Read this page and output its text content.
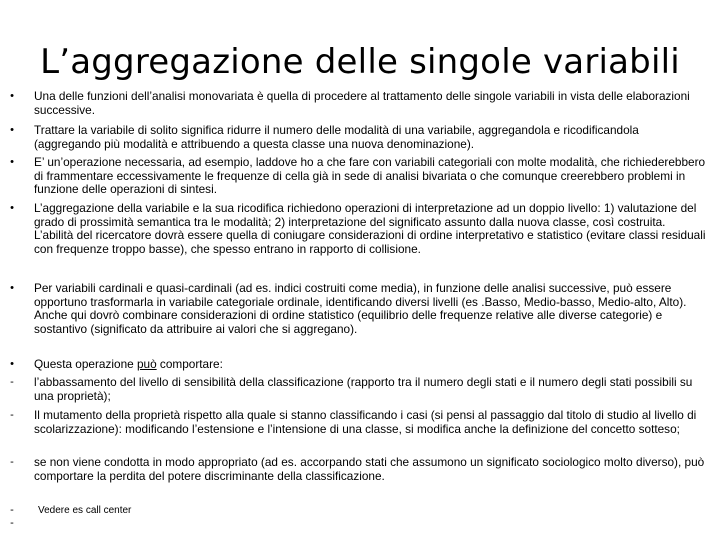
L’aggregazione delle singole variabili
•	Una delle funzioni dell’analisi monovariata è quella di procedere al trattamento delle singole variabili in vista delle elaborazioni successive.
•	Trattare la variabile di solito significa ridurre il numero delle modalità di una variabile, aggregandola e ricodificandola (aggregando più modalità e attribuendo a questa classe una nuova denominazione).
•	E’ un’operazione necessaria, ad esempio, laddove ho a che fare con variabili categoriali con molte modalità, che richiederebbero di frammentare eccessivamente le frequenze di cella già in sede di analisi bivariata o che comunque creerebbero problemi in funzione delle operazioni di sintesi.
•	L’aggregazione della variabile e la sua ricodifica richiedono operazioni di interpretazione ad un doppio livello: 1) valutazione del grado di prossimità semantica tra le modalità; 2) interpretazione del significato assunto dalla nuova classe, così costruita. L’abilità del ricercatore dovrà essere quella di coniugare considerazioni di ordine interpretativo e statistico (evitare classi residuali con frequenze troppo basse), che spesso entrano in rapporto di collisione.
•	Per variabili cardinali e quasi-cardinali (ad es. indici costruiti come media), in funzione delle analisi successive, può essere opportuno trasformarla in variabile categoriale ordinale, identificando diversi livelli (es .Basso, Medio-basso, Medio-alto, Alto). Anche qui dovrò combinare considerazioni di ordine statistico (equilibrio delle frequenze relative alle diverse categorie) e sostantivo (significato da attribuire ai valori che si aggregano).
•	Questa operazione può comportare:
-	l’abbassamento del livello di sensibilità della classificazione (rapporto tra il numero degli stati e il numero degli stati possibili su una proprietà);
-	Il mutamento della proprietà rispetto alla quale si stanno classificando i casi (si pensi al passaggio dal titolo di studio al livello di scolarizzazione): modificando l’estensione e l’intensione di una classe, si modifica anche la definizione del concetto sotteso;
-	se non viene condotta in modo appropriato (ad es. accorpando stati che assumono un significato sociologico molto diverso), può comportare la perdita del potere discriminante della classificazione.
-	Vedere es call center
-
